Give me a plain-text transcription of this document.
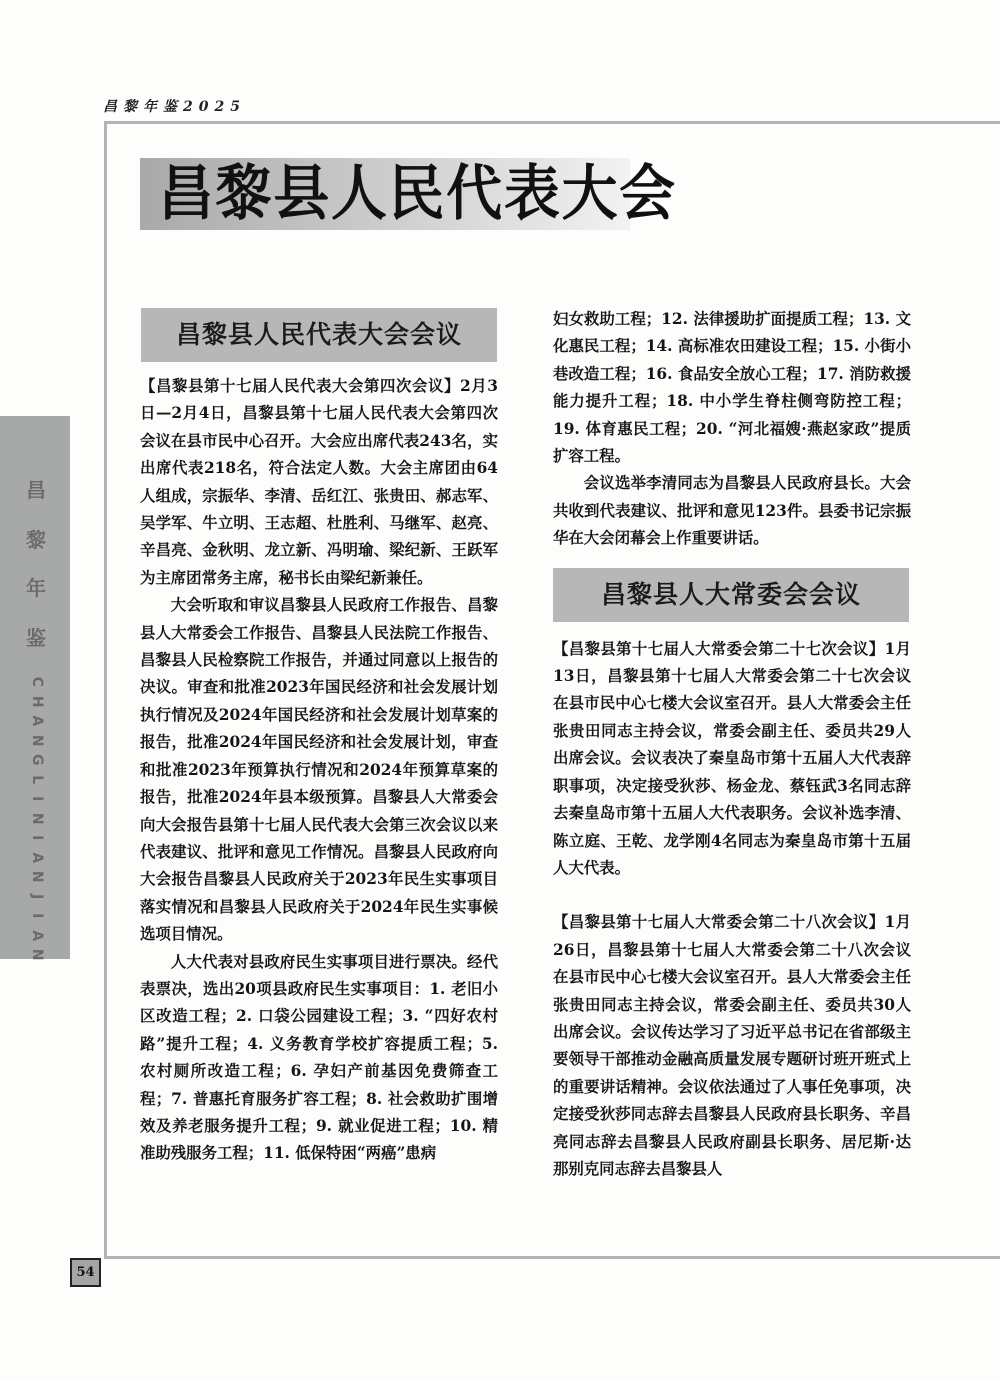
昌黎年鉴2025
昌黎县人民代表大会
昌
黎
年
鉴
C
H
A
N
G
L
I
N
I
A
N
J
I
A
N
昌黎县人民代表大会会议

【昌黎县第十七届人民代表大会第四次会议】2月3日—2月4日，昌黎县第十七届人民代表大会第四次会议在县市民中心召开。大会应出席代表243名，实出席代表218名，符合法定人数。大会主席团由64人组成，宗振华、李清、岳红江、张贵田、郝志军、吴学军、牛立明、王志超、杜胜利、马继军、赵亮、辛昌亮、金秋明、龙立新、冯明瑜、梁纪新、王跃军为主席团常务主席，秘书长由梁纪新兼任。

大会听取和审议昌黎县人民政府工作报告、昌黎县人大常委会工作报告、昌黎县人民法院工作报告、昌黎县人民检察院工作报告，并通过同意以上报告的决议。审查和批准2023年国民经济和社会发展计划执行情况及2024年国民经济和社会发展计划草案的报告，批准2024年国民经济和社会发展计划，审查和批准2023年预算执行情况和2024年预算草案的报告，批准2024年县本级预算。昌黎县人大常委会向大会报告县第十七届人民代表大会第三次会议以来代表建议、批评和意见工作情况。昌黎县人民政府向大会报告昌黎县人民政府关于2023年民生实事项目落实情况和昌黎县人民政府关于2024年民生实事候选项目情况。

人大代表对县政府民生实事项目进行票决。经代表票决，选出20项县政府民生实事项目：1. 老旧小区改造工程；2. 口袋公园建设工程；3. “四好农村路”提升工程；4. 义务教育学校扩容提质工程；5. 农村厕所改造工程；6. 孕妇产前基因免费筛查工程；7. 普惠托育服务扩容工程；8. 社会救助扩围增效及养老服务提升工程；9. 就业促进工程；10. 精准助残服务工程；11. 低保特困“两癌”患病

妇女救助工程；12. 法律援助扩面提质工程；13. 文化惠民工程；14. 高标准农田建设工程；15. 小街小巷改造工程；16. 食品安全放心工程；17. 消防救援能力提升工程；18. 中小学生脊柱侧弯防控工程；19. 体育惠民工程；20. “河北福嫂·燕赵家政”提质扩容工程。

会议选举李清同志为昌黎县人民政府县长。大会共收到代表建议、批评和意见123件。县委书记宗振华在大会闭幕会上作重要讲话。

昌黎县人大常委会会议

【昌黎县第十七届人大常委会第二十七次会议】1月13日，昌黎县第十七届人大常委会第二十七次会议在县市民中心七楼大会议室召开。县人大常委会主任张贵田同志主持会议，常委会副主任、委员共29人出席会议。会议表决了秦皇岛市第十五届人大代表辞职事项，决定接受狄莎、杨金龙、蔡钰武3名同志辞去秦皇岛市第十五届人大代表职务。会议补选李清、陈立庭、王乾、龙学刚4名同志为秦皇岛市第十五届人大代表。

【昌黎县第十七届人大常委会第二十八次会议】1月26日，昌黎县第十七届人大常委会第二十八次会议在县市民中心七楼大会议室召开。县人大常委会主任张贵田同志主持会议，常委会副主任、委员共30人出席会议。会议传达学习了习近平总书记在省部级主要领导干部推动金融高质量发展专题研讨班开班式上的重要讲话精神。会议依法通过了人事任免事项，决定接受狄莎同志辞去昌黎县人民政府县长职务、辛昌亮同志辞去昌黎县人民政府副县长职务、居尼斯·达那别克同志辞去昌黎县人

54
